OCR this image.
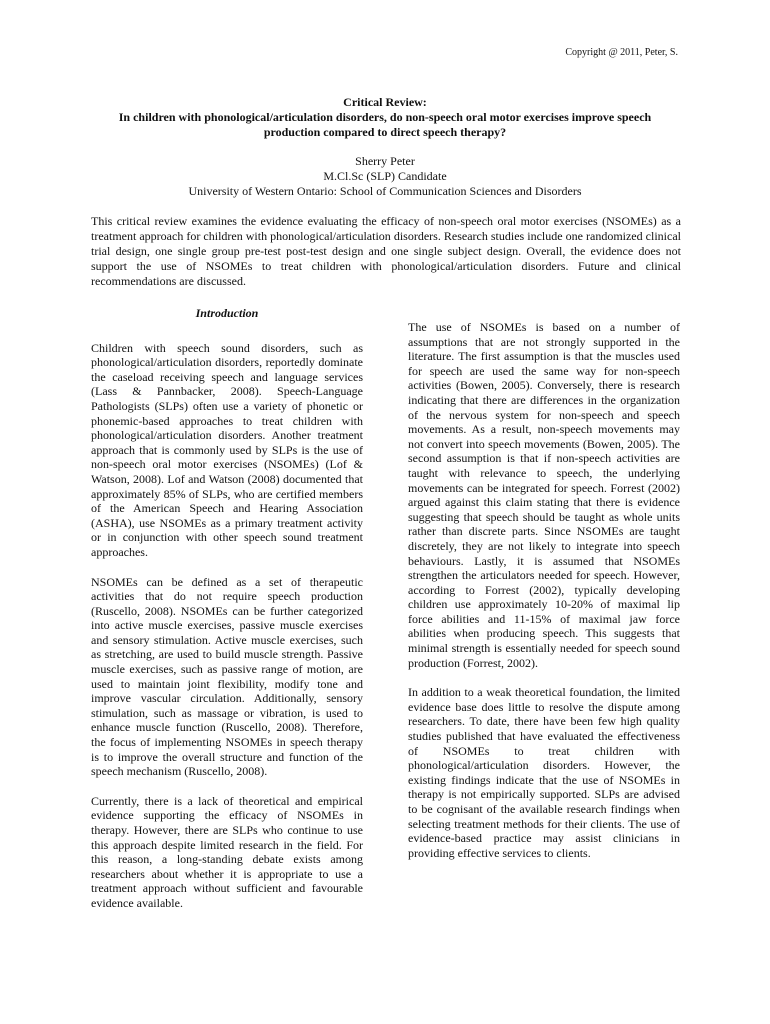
Copyright @ 2011, Peter, S.
Critical Review:
In children with phonological/articulation disorders, do non-speech oral motor exercises improve speech production compared to direct speech therapy?
Sherry Peter
M.Cl.Sc (SLP) Candidate
University of Western Ontario: School of Communication Sciences and Disorders
This critical review examines the evidence evaluating the efficacy of non-speech oral motor exercises (NSOMEs) as a treatment approach for children with phonological/articulation disorders. Research studies include one randomized clinical trial design, one single group pre-test post-test design and one single subject design. Overall, the evidence does not support the use of NSOMEs to treat children with phonological/articulation disorders. Future and clinical recommendations are discussed.
Introduction

Children with speech sound disorders, such as phonological/articulation disorders, reportedly dominate the caseload receiving speech and language services (Lass & Pannbacker, 2008). Speech-Language Pathologists (SLPs) often use a variety of phonetic or phonemic-based approaches to treat children with phonological/articulation disorders. Another treatment approach that is commonly used by SLPs is the use of non-speech oral motor exercises (NSOMEs) (Lof & Watson, 2008). Lof and Watson (2008) documented that approximately 85% of SLPs, who are certified members of the American Speech and Hearing Association (ASHA), use NSOMEs as a primary treatment activity or in conjunction with other speech sound treatment approaches.

NSOMEs can be defined as a set of therapeutic activities that do not require speech production (Ruscello, 2008). NSOMEs can be further categorized into active muscle exercises, passive muscle exercises and sensory stimulation. Active muscle exercises, such as stretching, are used to build muscle strength. Passive muscle exercises, such as passive range of motion, are used to maintain joint flexibility, modify tone and improve vascular circulation. Additionally, sensory stimulation, such as massage or vibration, is used to enhance muscle function (Ruscello, 2008). Therefore, the focus of implementing NSOMEs in speech therapy is to improve the overall structure and function of the speech mechanism (Ruscello, 2008).

Currently, there is a lack of theoretical and empirical evidence supporting the efficacy of NSOMEs in therapy. However, there are SLPs who continue to use this approach despite limited research in the field. For this reason, a long-standing debate exists among researchers about whether it is appropriate to use a treatment approach without sufficient and favourable evidence available.

The use of NSOMEs is based on a number of assumptions that are not strongly supported in the literature. The first assumption is that the muscles used for speech are used the same way for non-speech activities (Bowen, 2005). Conversely, there is research indicating that there are differences in the organization of the nervous system for non-speech and speech movements. As a result, non-speech movements may not convert into speech movements (Bowen, 2005). The second assumption is that if non-speech activities are taught with relevance to speech, the underlying movements can be integrated for speech. Forrest (2002) argued against this claim stating that there is evidence suggesting that speech should be taught as whole units rather than discrete parts. Since NSOMEs are taught discretely, they are not likely to integrate into speech behaviours. Lastly, it is assumed that NSOMEs strengthen the articulators needed for speech. However, according to Forrest (2002), typically developing children use approximately 10-20% of maximal lip force abilities and 11-15% of maximal jaw force abilities when producing speech. This suggests that minimal strength is essentially needed for speech sound production (Forrest, 2002).

In addition to a weak theoretical foundation, the limited evidence base does little to resolve the dispute among researchers. To date, there have been few high quality studies published that have evaluated the effectiveness of NSOMEs to treat children with phonological/articulation disorders. However, the existing findings indicate that the use of NSOMEs in therapy is not empirically supported. SLPs are advised to be cognisant of the available research findings when selecting treatment methods for their clients. The use of evidence-based practice may assist clinicians in providing effective services to clients.
